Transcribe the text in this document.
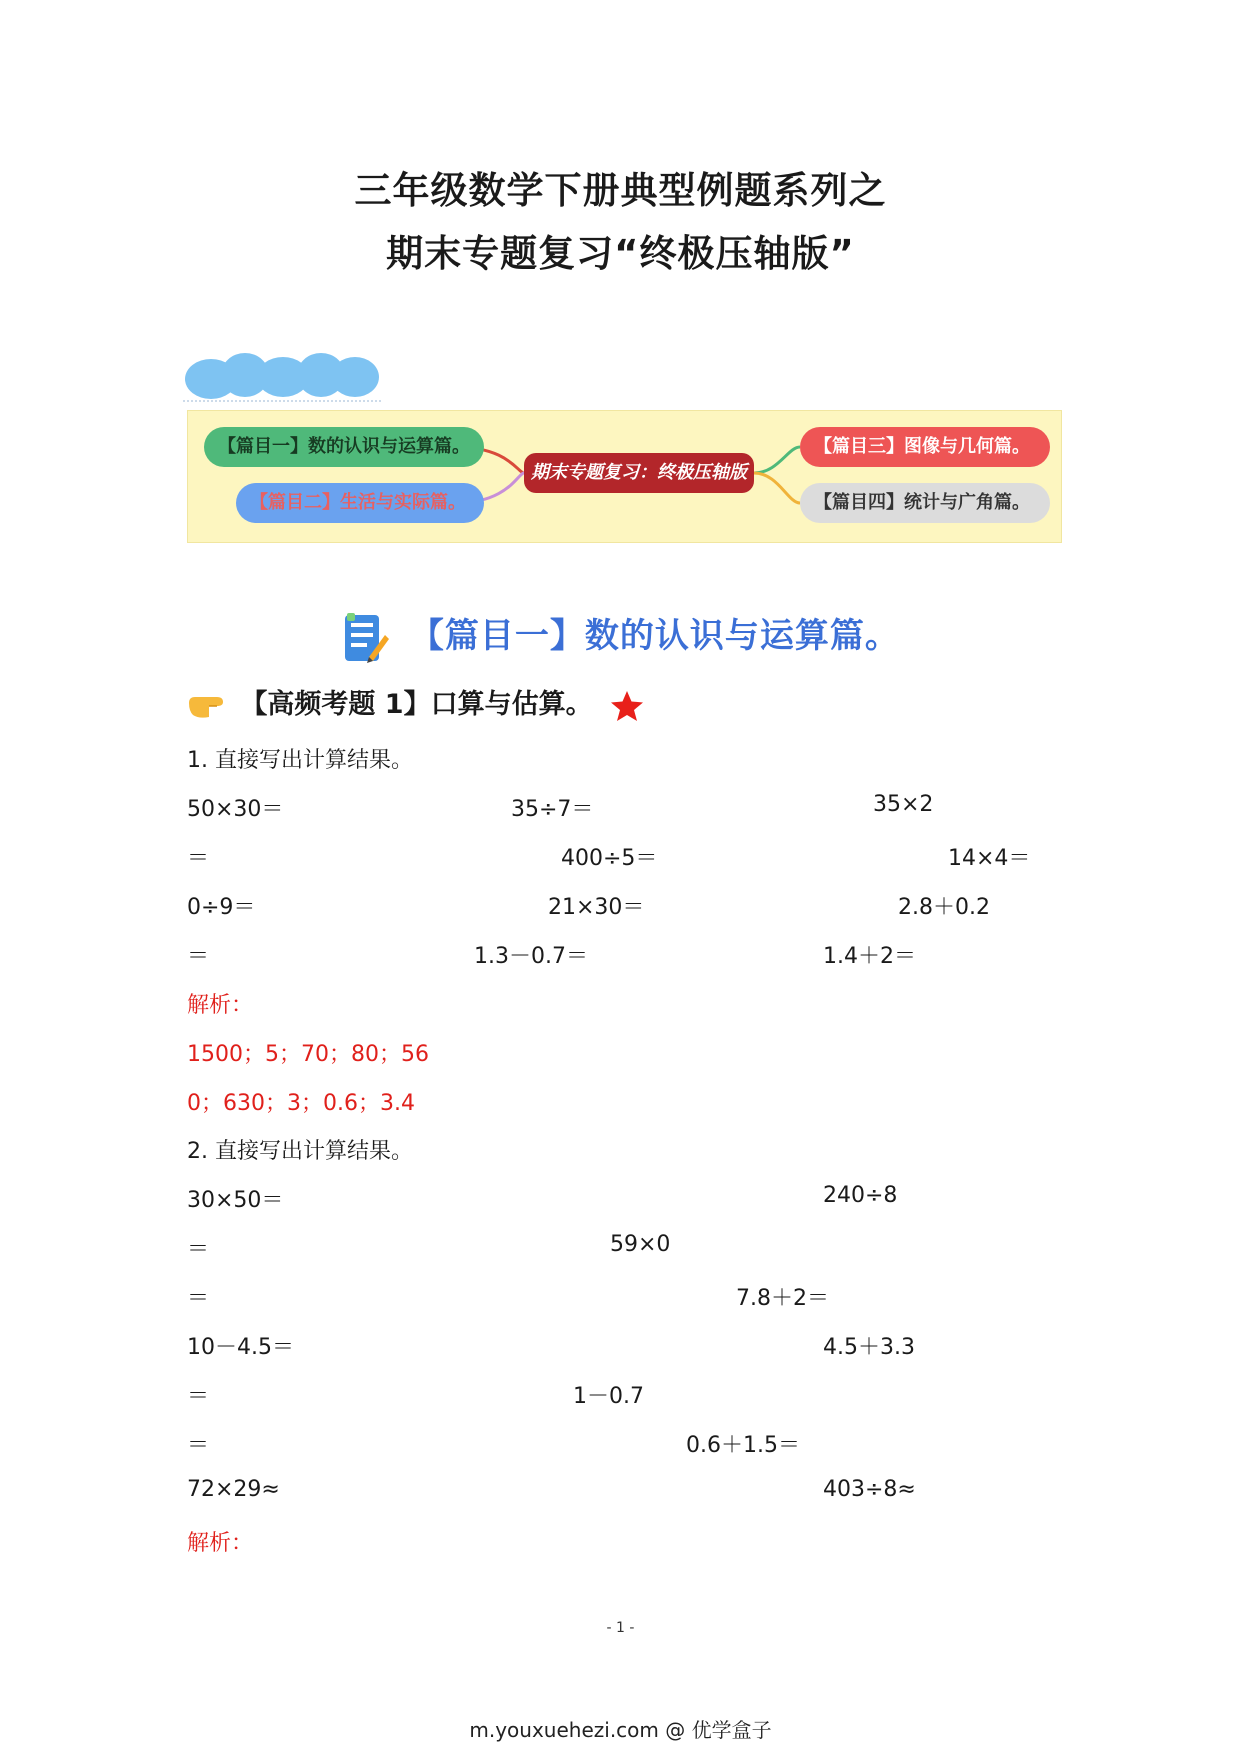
三年级数学下册典型例题系列之
期末专题复习“终极压轴版”
【篇目一】数的认识与运算篇。
【篇目二】生活与实际篇。
期末专题复习：终极压轴版
【篇目三】图像与几何篇。
【篇目四】统计与广角篇。
【篇目一】数的认识与运算篇。
【高频考题 1】口算与估算。
1. 直接写出计算结果。
50×30＝	35÷7＝	35×2
＝	400÷5＝	14×4＝
0÷9＝	21×30＝	2.8＋0.2
＝	1.3－0.7＝	1.4＋2＝
解析：
1500；5；70；80；56
0；630；3；0.6；3.4
2. 直接写出计算结果。
30×50＝	240÷8
＝	59×0
＝	7.8＋2＝
10－4.5＝	4.5＋3.3
＝	1－0.7
＝	0.6＋1.5＝
72×29≈	403÷8≈
解析：
- 1 -
m.youxuehezi.com @ 优学盒子
